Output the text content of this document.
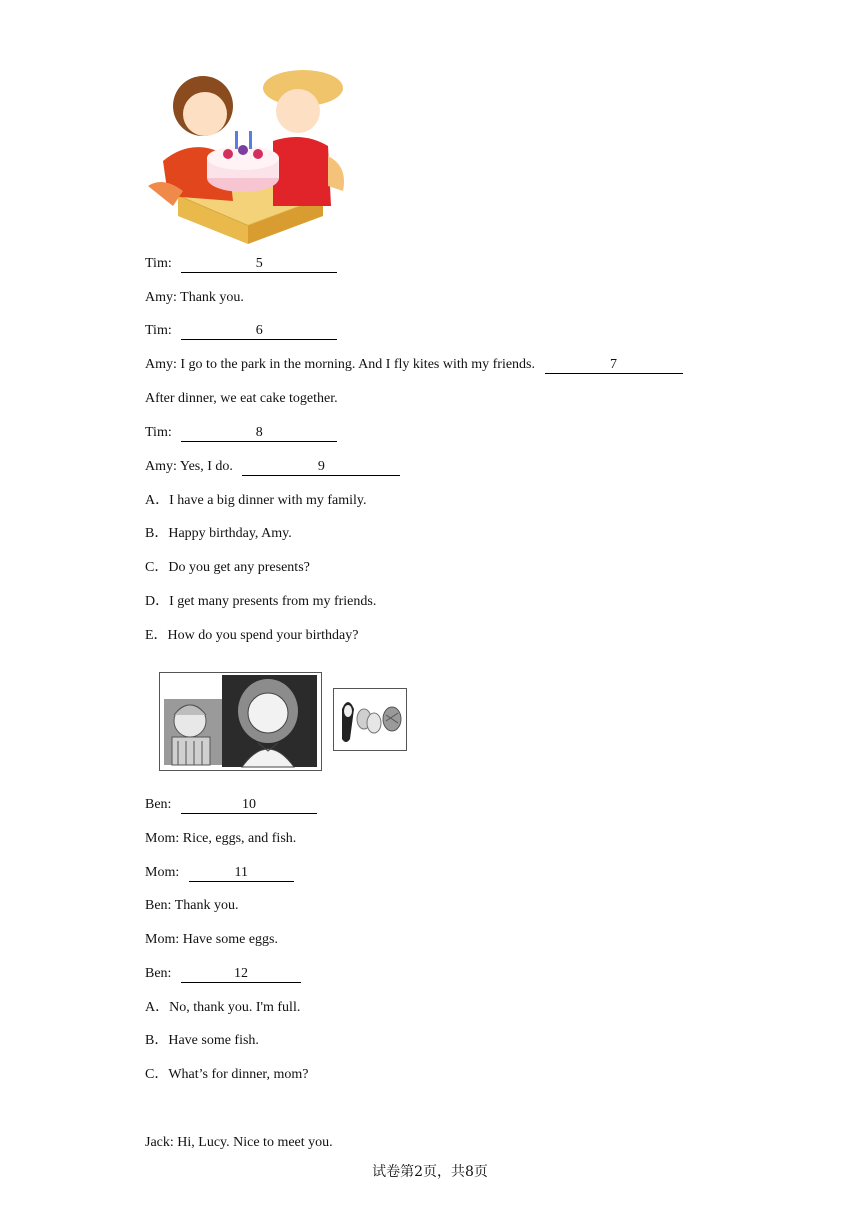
Tim:	5
Amy: Thank you.
Tim:	6
Amy: I go to the park in the morning. And I fly kites with my friends.	7
After dinner, we eat cake together.
Tim:	8
Amy: Yes, I do.	9
A．I have a big dinner with my family.
B．Happy birthday, Amy.
C．Do you get any presents?
D．I get many presents from my friends.
E．How do you spend your birthday?
Ben:	10
Mom: Rice, eggs, and fish.
Mom:	11
Ben: Thank you.
Mom: Have some eggs.
Ben:	12
A．No, thank you. I'm full.
B．Have some fish.
C．What’s for dinner, mom?
Jack: Hi, Lucy. Nice to meet you.
试卷第2页，共8页
